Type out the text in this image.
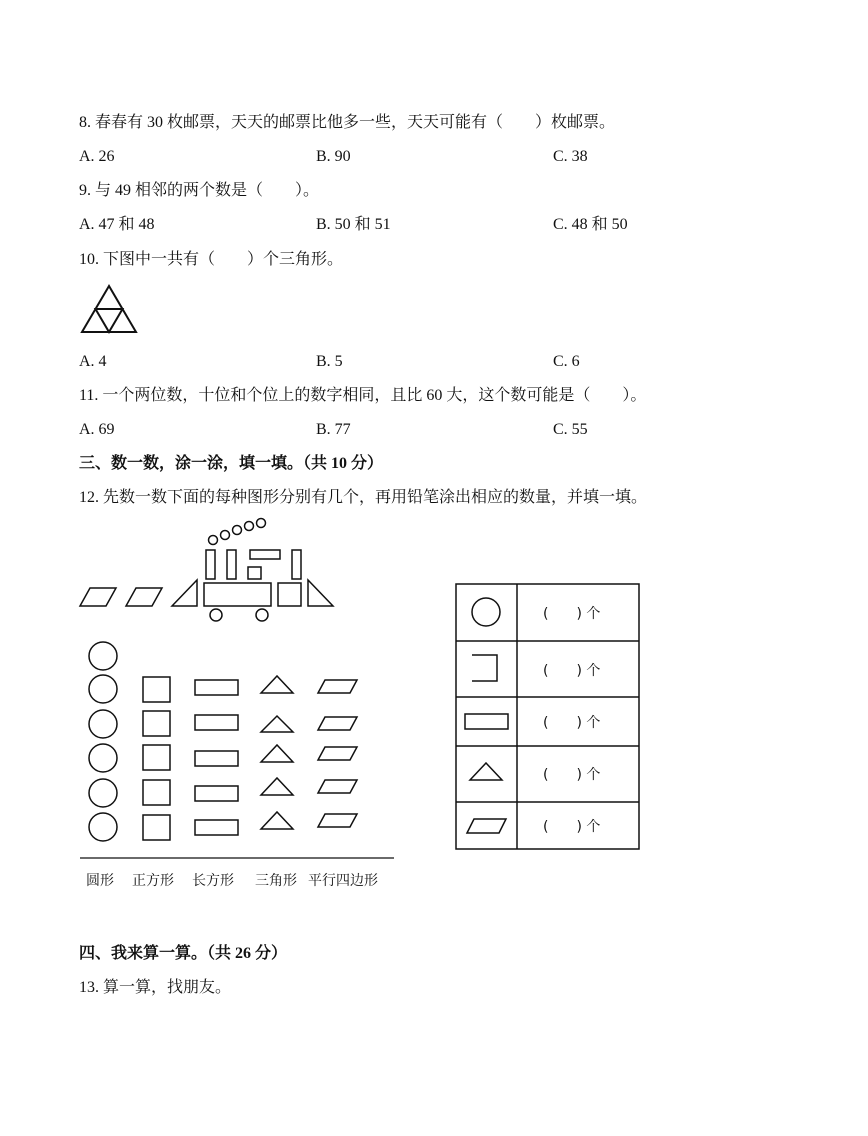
8. 春春有 30 枚邮票，天天的邮票比他多一些，天天可能有（　　）枚邮票。
A. 26	B. 90	C. 38
9. 与 49 相邻的两个数是（　　）。
A. 47 和 48	B. 50 和 51	C. 48 和 50
10. 下图中一共有（　　）个三角形。
A. 4	B. 5	C. 6
11. 一个两位数，十位和个位上的数字相同，且比 60 大，这个数可能是（　　）。
A. 69	B. 77	C. 55
三、数一数，涂一涂，填一填。（共 10 分）
12. 先数一数下面的每种图形分别有几个，再用铅笔涂出相应的数量，并填一填。
圆形 正方形 长方形 三角形 平行四边形
(　　) 个
(　　) 个
(　　) 个
(　　) 个
(　　) 个
四、我来算一算。（共 26 分）
13. 算一算，找朋友。
